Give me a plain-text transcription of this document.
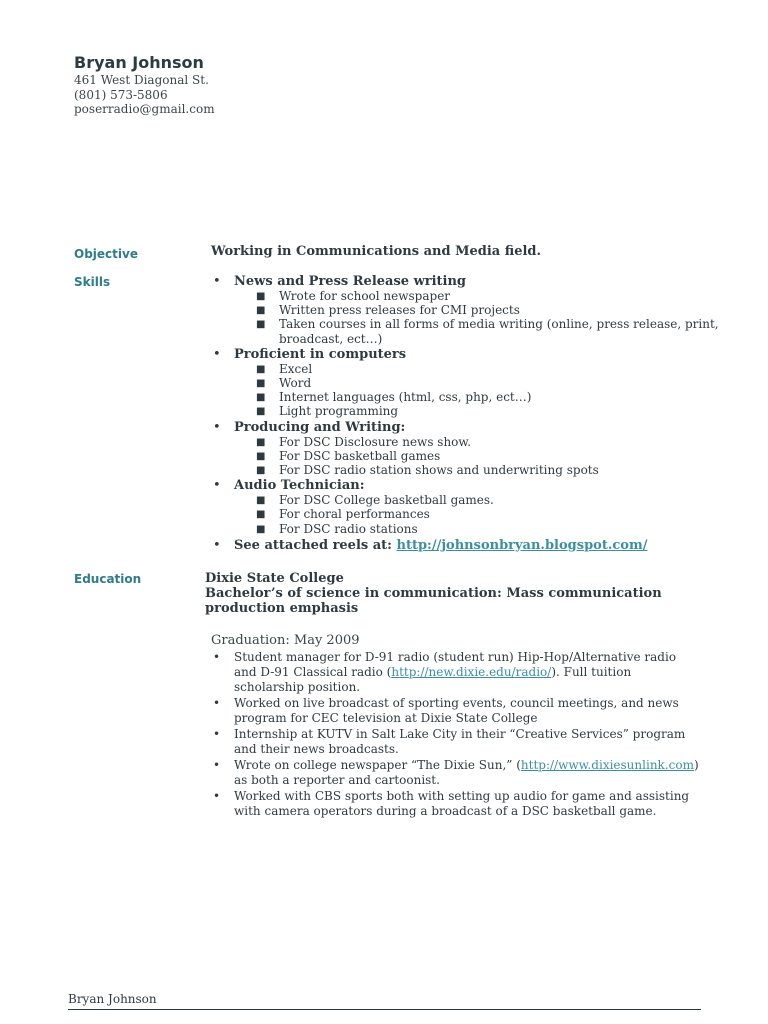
Bryan Johnson
461 West Diagonal St.
(801) 573-5806
poserradio@gmail.com
Objective	Working in Communications and Media field.
Skills	• News and Press Release writing
■ Wrote for school newspaper
■ Written press releases for CMI projects
■ Taken courses in all forms of media writing (online, press release, print,
broadcast, ect…)
• Proficient in computers
■ Excel
■ Word
■ Internet languages (html, css, php, ect…)
■ Light programming
• Producing and Writing:
■ For DSC Disclosure news show.
■ For DSC basketball games
■ For DSC radio station shows and underwriting spots
• Audio Technician:
■ For DSC College basketball games.
■ For choral performances
■ For DSC radio stations
• See attached reels at: http://johnsonbryan.blogspot.com/
Education	Dixie State College
Bachelor’s of science in communication: Mass communication production emphasis
Graduation: May 2009
• Student manager for D-91 radio (student run) Hip-Hop/Alternative radio and D-91 Classical radio (http://new.dixie.edu/radio/). Full tuition scholarship position.
• Worked on live broadcast of sporting events, council meetings, and news program for CEC television at Dixie State College
• Internship at KUTV in Salt Lake City in their “Creative Services” program and their news broadcasts.
• Wrote on college newspaper “The Dixie Sun,” (http://www.dixiesunlink.com) as both a reporter and cartoonist.
• Worked with CBS sports both with setting up audio for game and assisting with camera operators during a broadcast of a DSC basketball game.
Bryan Johnson
